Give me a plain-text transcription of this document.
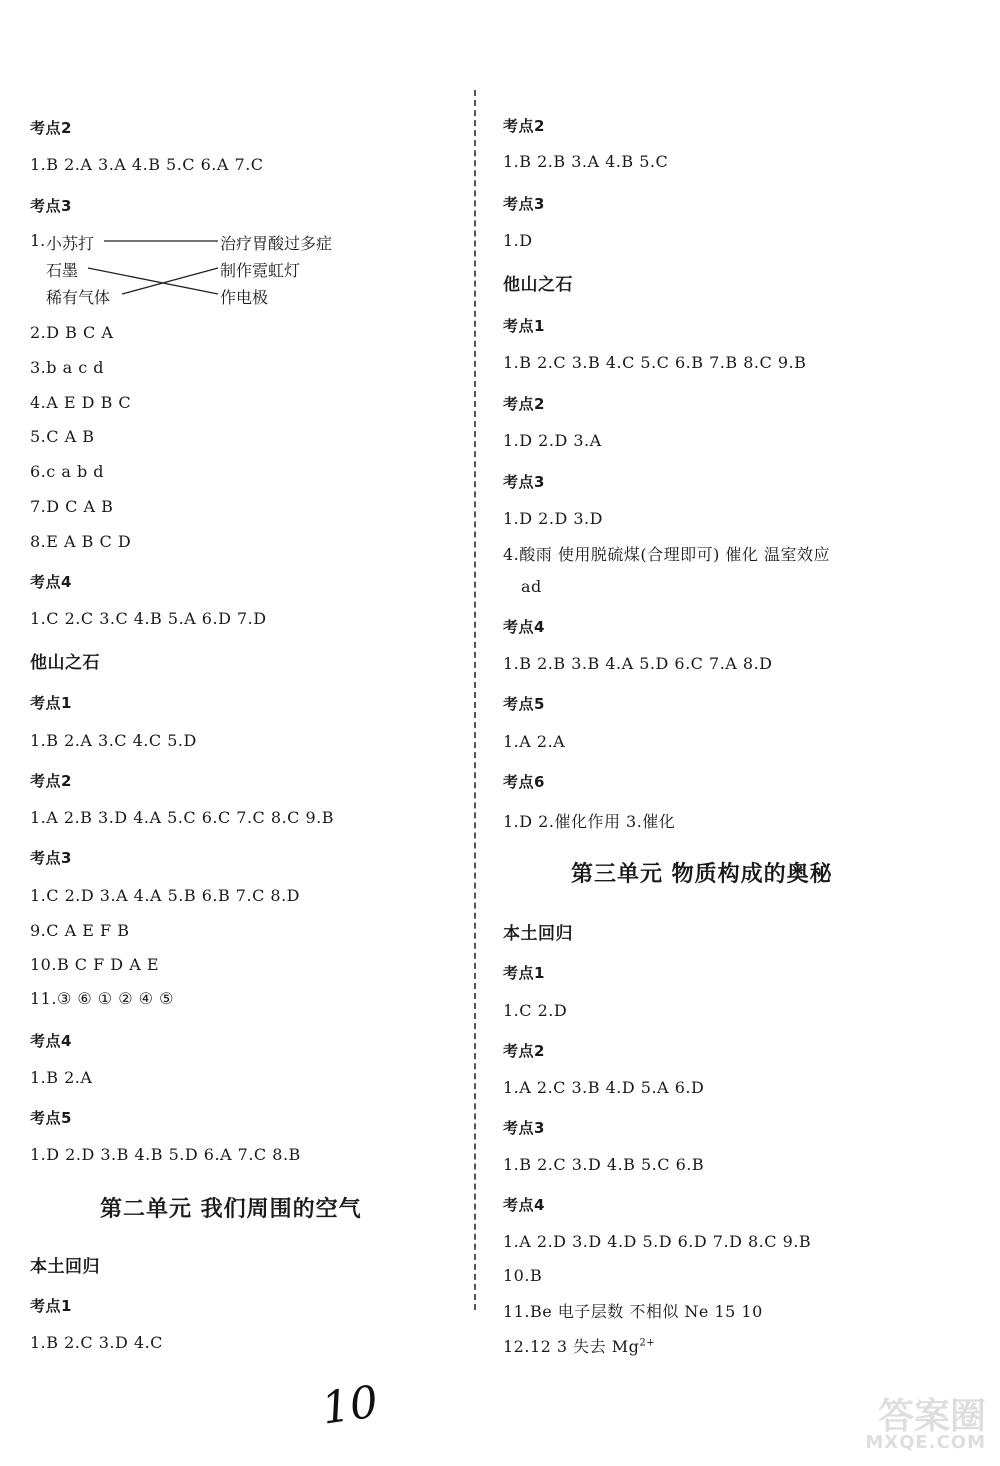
考点2
1.B 2.A 3.A 4.B 5.C 6.A 7.C
考点3
1. 小苏打
石墨
稀有气体
治疗胃酸过多症
制作霓虹灯
作电极
2.D B C A
3.b a c d
4.A E D B C
5.C A B
6.c a b d
7.D C A B
8.E A B C D
考点4
1.C 2.C 3.C 4.B 5.A 6.D 7.D
他山之石
考点1
1.B 2.A 3.C 4.C 5.D
考点2
1.A 2.B 3.D 4.A 5.C 6.C 7.C 8.C 9.B
考点3
1.C 2.D 3.A 4.A 5.B 6.B 7.C 8.D
9.C A E F B
10.B C F D A E
11.③ ⑥ ① ② ④ ⑤
考点4
1.B 2.A
考点5
1.D 2.D 3.B 4.B 5.D 6.A 7.C 8.B
第二单元 我们周围的空气
本土回归
考点1
1.B 2.C 3.D 4.C
考点2
1.B 2.B 3.A 4.B 5.C
考点3
1.D
他山之石
考点1
1.B 2.C 3.B 4.C 5.C 6.B 7.B 8.C 9.B
考点2
1.D 2.D 3.A
考点3
1.D 2.D 3.D
4.酸雨 使用脱硫煤(合理即可) 催化 温室效应
ad
考点4
1.B 2.B 3.B 4.A 5.D 6.C 7.A 8.D
考点5
1.A 2.A
考点6
1.D 2.催化作用 3.催化
第三单元 物质构成的奥秘
本土回归
考点1
1.C 2.D
考点2
1.A 2.C 3.B 4.D 5.A 6.D
考点3
1.B 2.C 3.D 4.B 5.C 6.B
考点4
1.A 2.D 3.D 4.D 5.D 6.D 7.D 8.C 9.B
10.B
11.Be 电子层数 不相似 Ne 15 10
12.12 3 失去 $Mg^{2+}$
10	答案圈
MXQE.COM
